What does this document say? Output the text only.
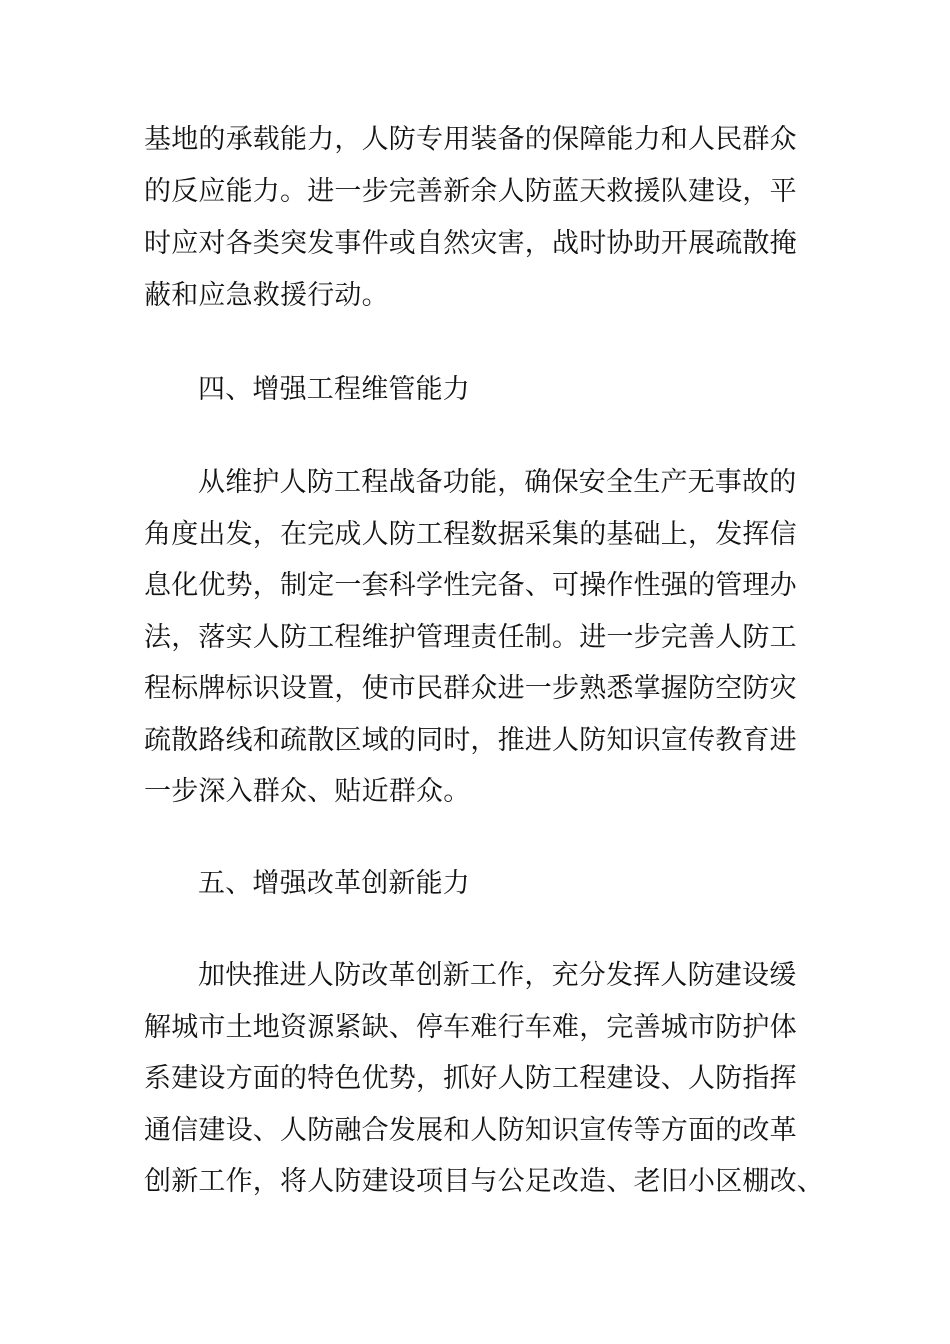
基地的承载能力，人防专用装备的保障能力和人民群众
的反应能力。进一步完善新余人防蓝天救援队建设，平
时应对各类突发事件或自然灾害，战时协助开展疏散掩
蔽和应急救援行动。
四、增强工程维管能力
从维护人防工程战备功能，确保安全生产无事故的
角度出发，在完成人防工程数据采集的基础上，发挥信
息化优势，制定一套科学性完备、可操作性强的管理办
法，落实人防工程维护管理责任制。进一步完善人防工
程标牌标识设置，使市民群众进一步熟悉掌握防空防灾
疏散路线和疏散区域的同时，推进人防知识宣传教育进
一步深入群众、贴近群众。
五、增强改革创新能力
加快推进人防改革创新工作，充分发挥人防建设缓
解城市土地资源紧缺、停车难行车难，完善城市防护体
系建设方面的特色优势，抓好人防工程建设、人防指挥
通信建设、人防融合发展和人防知识宣传等方面的改革
创新工作，将人防建设项目与公⾜改造、老旧小区棚改、
